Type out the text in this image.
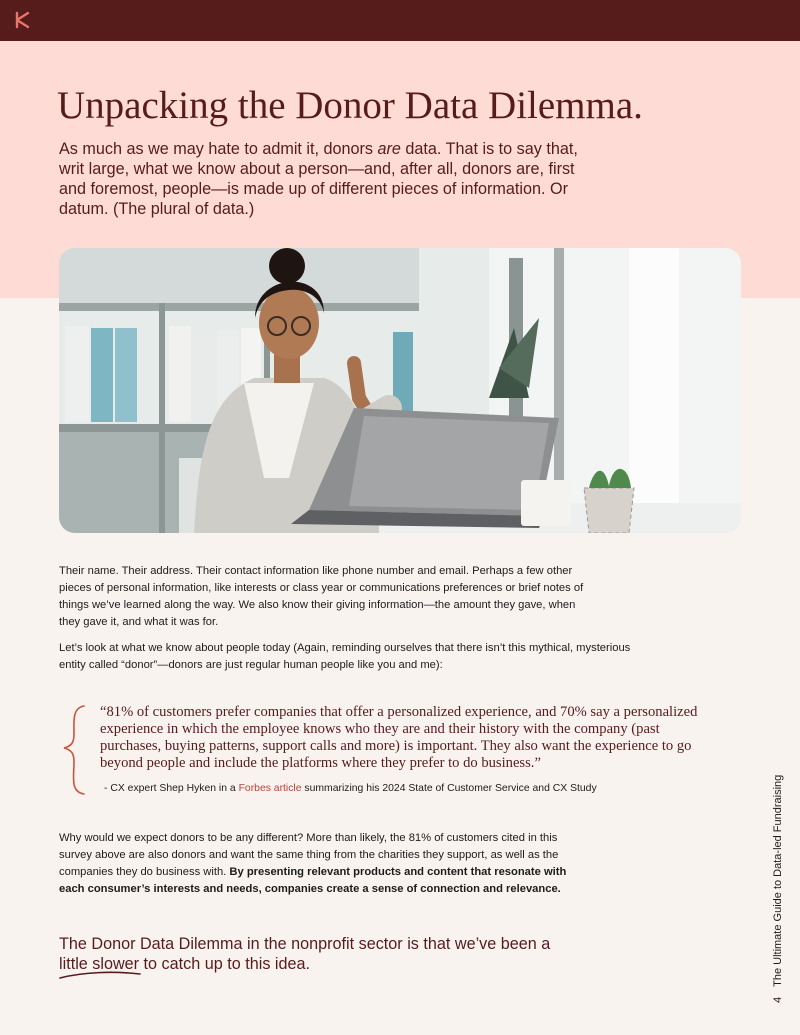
Unpacking the Donor Data Dilemma.

As much as we may hate to admit it, donors are data. That is to say that, writ large, what we know about a person—and, after all, donors are, first and foremost, people—is made up of different pieces of information. Or datum. (The plural of data.)

Their name. Their address. Their contact information like phone number and email. Perhaps a few other pieces of personal information, like interests or class year or communications preferences or brief notes of things we’ve learned along the way. We also know their giving information—the amount they gave, when they gave it, and what it was for.

Let’s look at what we know about people today (Again, reminding ourselves that there isn’t this mythical, mysterious entity called “donor”—donors are just regular human people like you and me):

“81% of customers prefer companies that offer a personalized experience, and 70% say a personalized experience in which the employee knows who they are and their history with the company (past purchases, buying patterns, support calls and more) is important. They also want the experience to go beyond people and include the platforms where they prefer to do business.”

- CX expert Shep Hyken in a Forbes article summarizing his 2024 State of Customer Service and CX Study

Why would we expect donors to be any different? More than likely, the 81% of customers cited in this survey above are also donors and want the same thing from the charities they support, as well as the companies they do business with. By presenting relevant products and content that resonate with each consumer’s interests and needs, companies create a sense of connection and relevance.

The Donor Data Dilemma in the nonprofit sector is that we’ve been a little slower to catch up to this idea.

4The Ultimate Guide to Data-led Fundraising
